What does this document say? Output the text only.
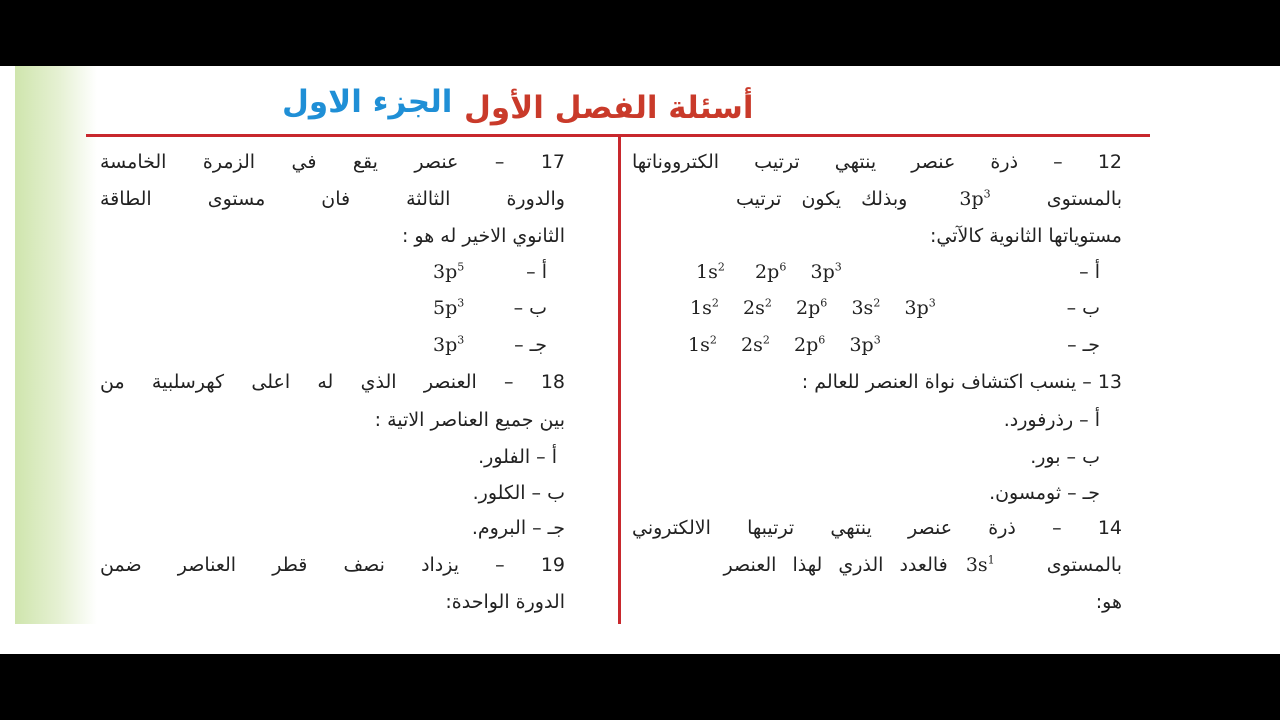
أسئلة الفصل الأول
الجزء الاول
12 – ذرة عنصر ينتهي ترتيب الكترووناتها
بالمستوى  $3p^3$  وبذلك يكون ترتيب
مستوياتها الثانوية كالآتي:
أ –
$1s^2$ $2p^6$ $3p^3$
ب –
$1s^2$ $2s^2$ $2p^6$ $3s^2$ $3p^3$
جـ –
$1s^2$ $2s^2$ $2p^6$ $3p^3$
13 – ينسب اكتشاف نواة العنصر للعالم :
أ – رذرفورد.
ب – بور.
جـ – ثومسون.
14 – ذرة عنصر ينتهي ترتيبها الالكتروني
بالمستوى  $3s^1$  فالعدد الذري لهذا العنصر
هو:
17 – عنصر يقع في الزمرة الخامسة
والدورة الثالثة فان مستوى الطاقة
الثانوي الاخير له هو :
أ –
$3p^5$
ب –
$5p^3$
جـ –
$3p^3$
18 – العنصر الذي له اعلى كهرسلبية من
بين جميع العناصر الاتية :
أ – الفلور.
ب – الكلور.
جـ – البروم.
19 – يزداد نصف قطر العناصر ضمن
الدورة الواحدة:
